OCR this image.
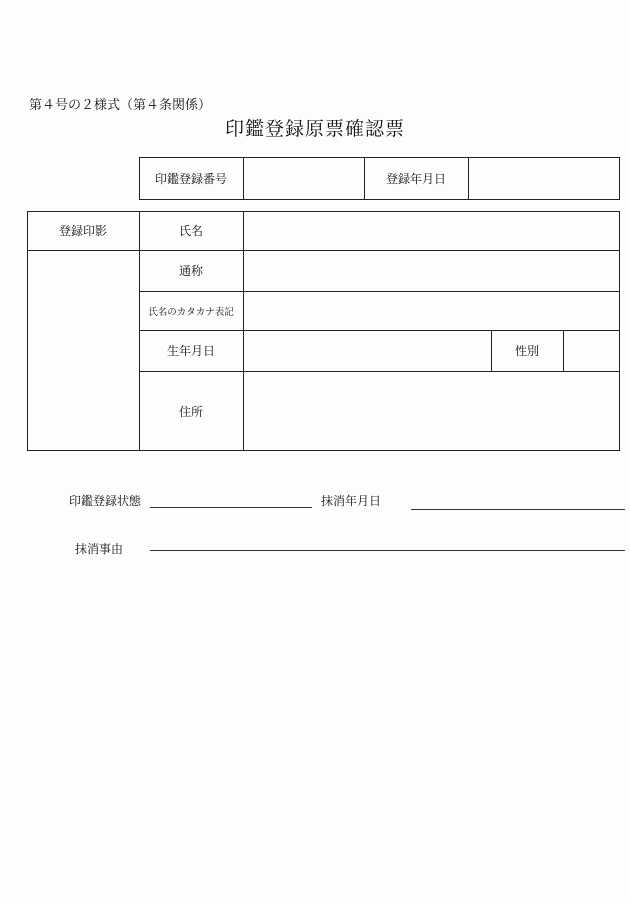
第４号の２様式（第４条関係）
印鑑登録原票確認票
印鑑登録番号	登録年月日
登録印影	氏名
通称
氏名のカタカナ表記
生年月日	性別
住所
印鑑登録状態	抹消年月日
抹消事由
